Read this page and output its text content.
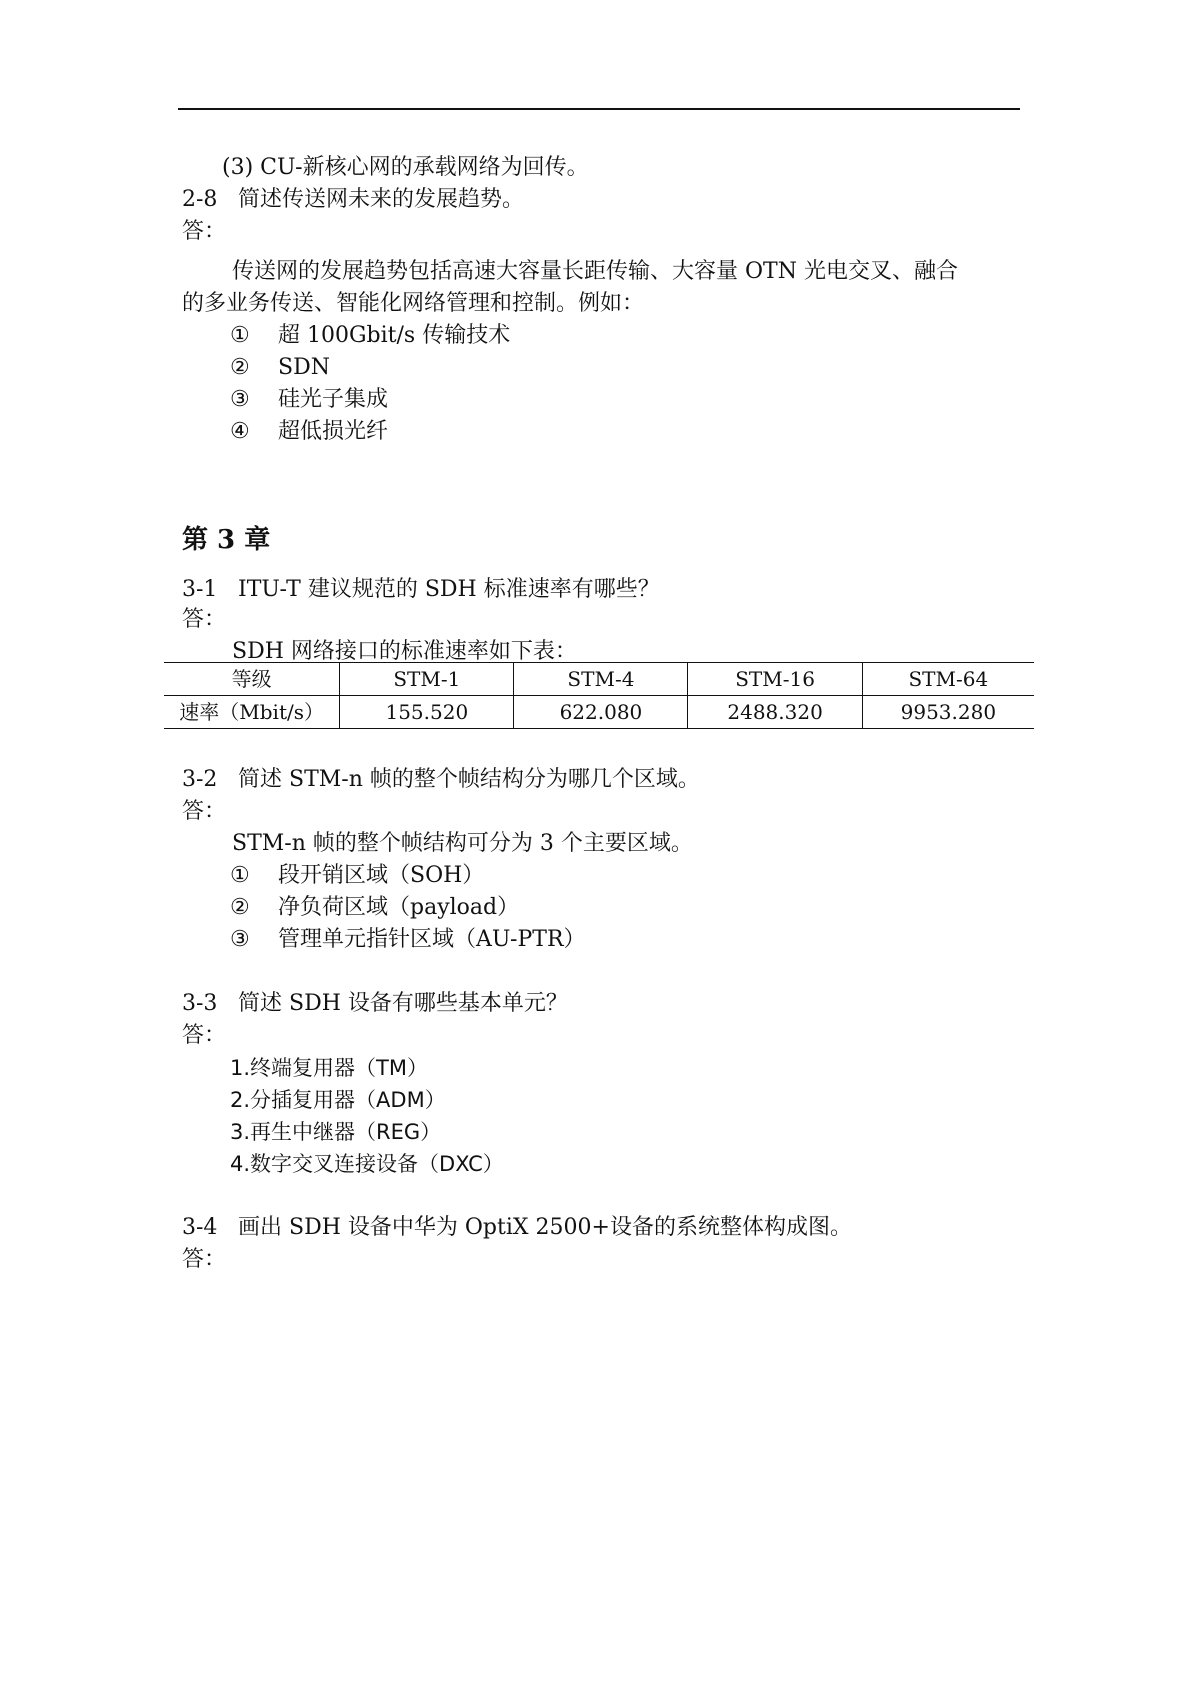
(3) CU-新核心网的承载网络为回传。

2-8 简述传送网未来的发展趋势。

答：

传送网的发展趋势包括高速大容量长距传输、大容量 OTN 光电交叉、融合

的多业务传送、智能化网络管理和控制。例如：

① 超 100Gbit/s 传输技术

② SDN

③ 硅光子集成

④ 超低损光纤

第 3 章

3-1 ITU-T 建议规范的 SDH 标准速率有哪些？

答：

SDH 网络接口的标准速率如下表：

等级	STM-1	STM-4	STM-16	STM-64
速率（Mbit/s）	155.520	622.080	2488.320	9953.280

3-2 简述 STM-n 帧的整个帧结构分为哪几个区域。

答：

STM-n 帧的整个帧结构可分为 3 个主要区域。

① 段开销区域（SOH）

② 净负荷区域（payload）

③ 管理单元指针区域（AU-PTR）

3-3 简述 SDH 设备有哪些基本单元？

答：

1.终端复用器（TM）

2.分插复用器（ADM）

3.再生中继器（REG）

4.数字交叉连接设备（DXC）

3-4 画出 SDH 设备中华为 OptiX 2500+设备的系统整体构成图。

答：
